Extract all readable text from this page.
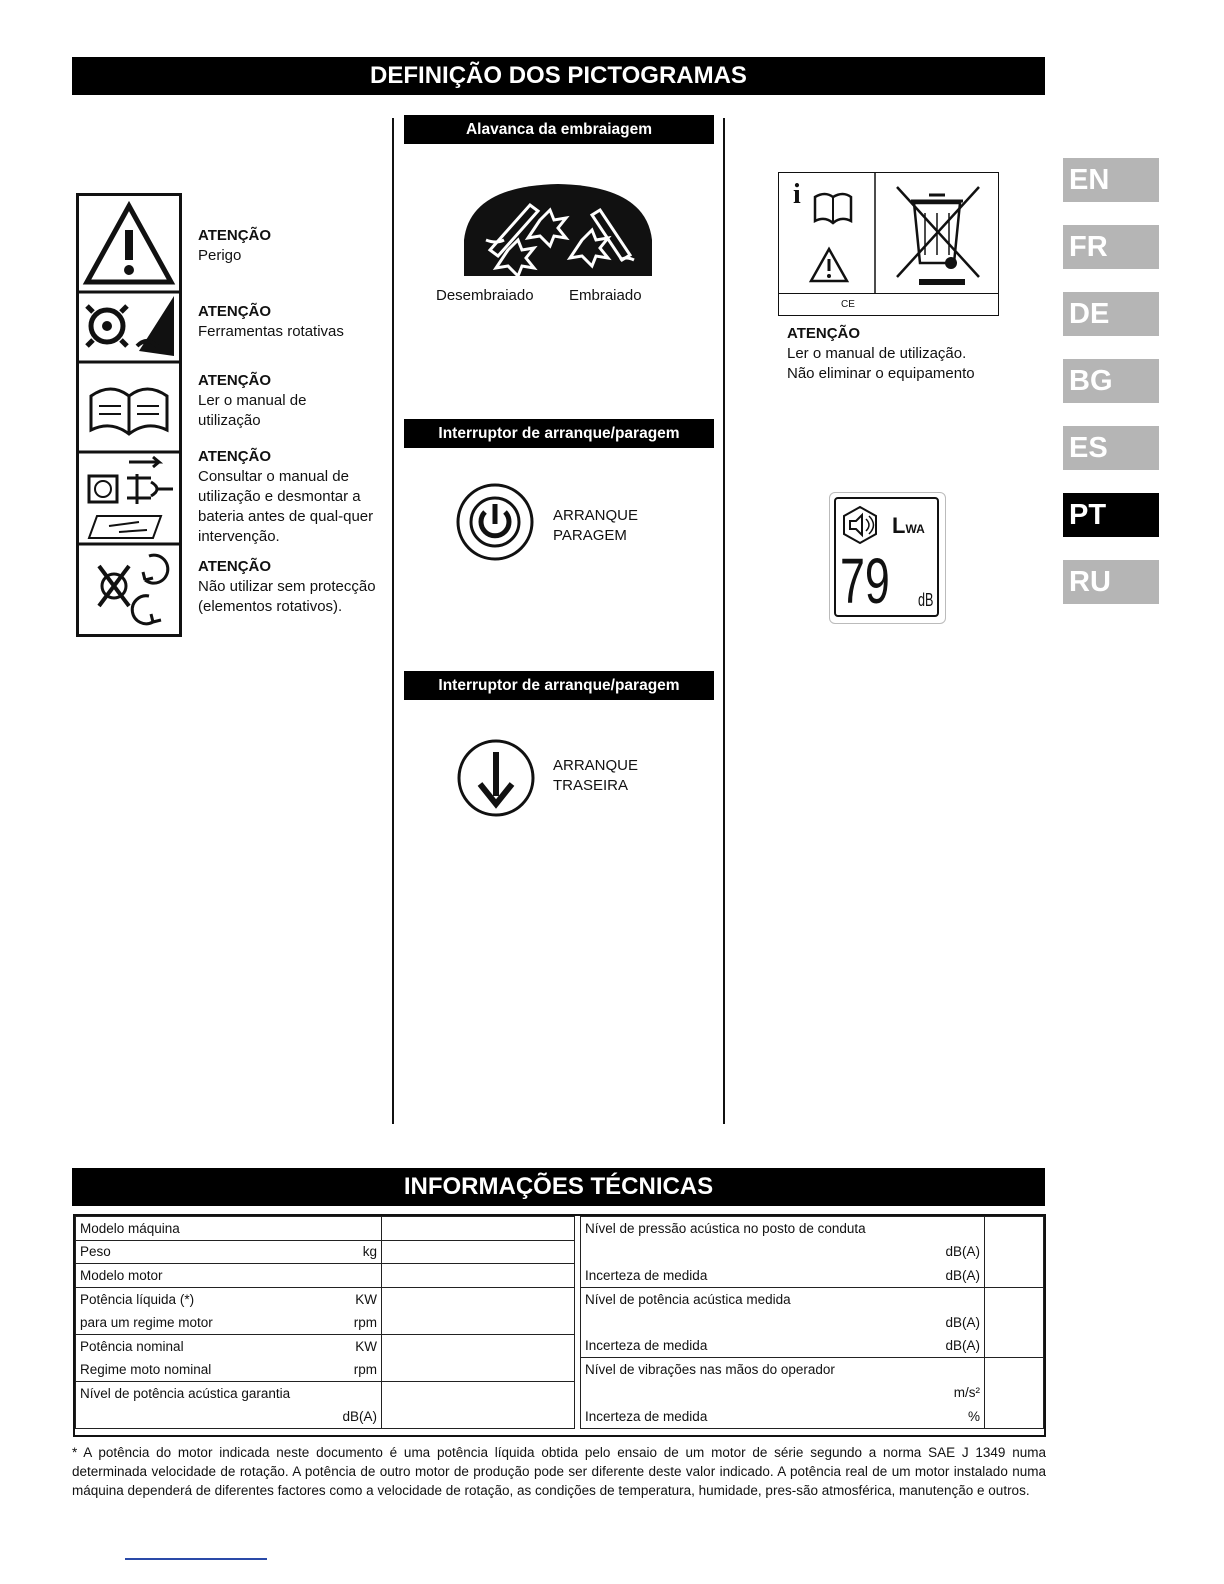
DEFINIÇÃO DOS PICTOGRAMAS
ATENÇÃO
Perigo
ATENÇÃO
Ferramentas rotativas
ATENÇÃO
Ler o manual de utilização
ATENÇÃO
Consultar o manual de utilização e desmontar a bateria antes de qual-quer intervenção.
ATENÇÃO
Não utilizar sem protecção (elementos rotativos).
Alavanca da embraiagem
Desembraiado Embraiado
Interruptor de arranque/paragem
ARRANQUE
PARAGEM
Interruptor de arranque/paragem
ARRANQUE
TRASEIRA
i
CE
ATENÇÃO
Ler o manual de utilização.
Não eliminar o equipamento
LWA
79 dB
EN
FR
DE
BG
ES
PT
RU
INFORMAÇÕES TÉCNICAS
Modelo máquina	

Peso kg	

Modelo motor	

Potência líquida (*) KW	

para um regime motor rpm	

Potência nominal KW	

Regime moto nominal rpm	

Nível de potência acústica garantia	

dB(A)	
Nível de pressão acústica no posto de conduta	

dB(A)	

Incerteza de medida dB(A)	

Nível de potência acústica medida	

dB(A)	

Incerteza de medida dB(A)	

Nível de vibrações nas mãos do operador	

m/s²	

Incerteza de medida %	
* A potência do motor indicada neste documento é uma potência líquida obtida pelo ensaio de um motor de série segundo a norma SAE J 1349 numa determinada velocidade de rotação. A potência de outro motor de produção pode ser diferente deste valor indicado. A potência real de um motor instalado numa máquina dependerá de diferentes factores como a velocidade de rotação, as condições de temperatura, humidade, pres-são atmosférica, manutenção e outros.
